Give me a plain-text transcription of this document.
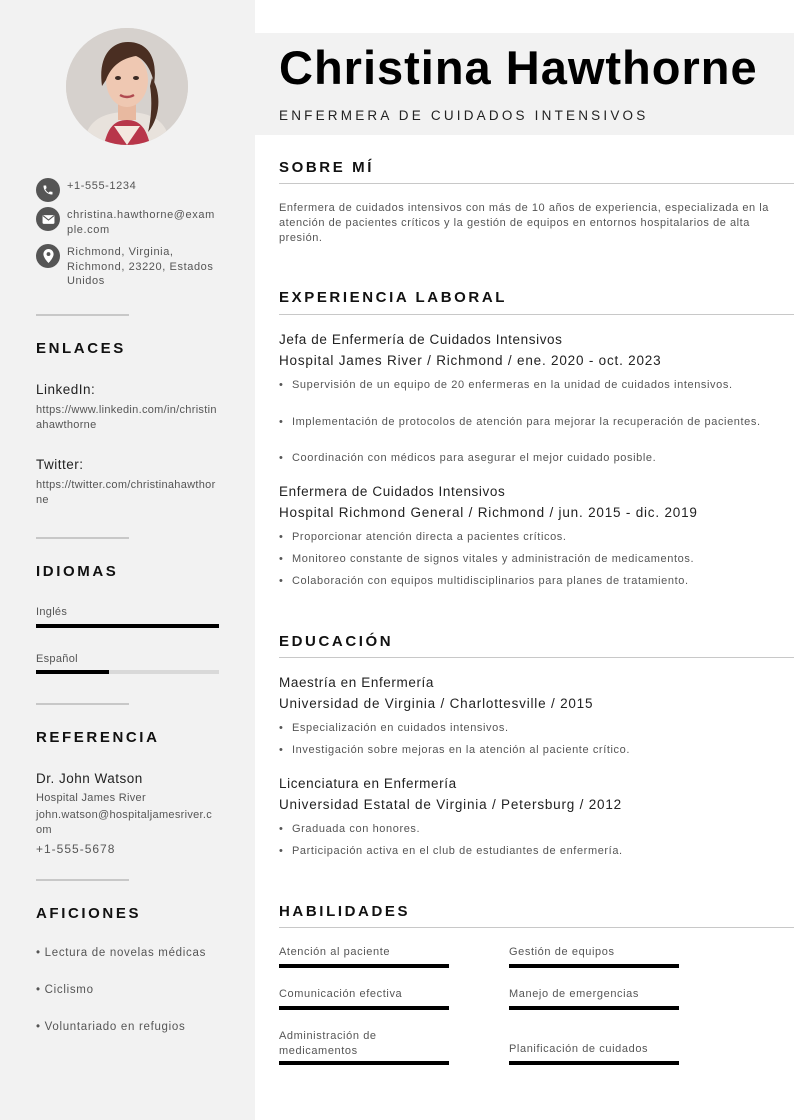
+1-555-1234
christina.hawthorne@example.com
Richmond, Virginia, Richmond, 23220, Estados Unidos
ENLACES
LinkedIn:
https://www.linkedin.com/in/christinahawthorne
Twitter:
https://twitter.com/christinahawthorne
IDIOMAS
Inglés
Español
REFERENCIA
Dr. John Watson
Hospital James River
john.watson@hospitaljamesriver.com
+1-555-5678
AFICIONES
• Lectura de novelas médicas
• Ciclismo
• Voluntariado en refugios
Christina Hawthorne
ENFERMERA DE CUIDADOS INTENSIVOS
SOBRE MÍ
Enfermera de cuidados intensivos con más de 10 años de experiencia, especializada en la atención de pacientes críticos y la gestión de equipos en entornos hospitalarios de alta presión.
EXPERIENCIA LABORAL
Jefa de Enfermería de Cuidados Intensivos
Hospital James River / Richmond / ene. 2020 - oct. 2023
• Supervisión de un equipo de 20 enfermeras en la unidad de cuidados intensivos.
• Implementación de protocolos de atención para mejorar la recuperación de pacientes.
• Coordinación con médicos para asegurar el mejor cuidado posible.
Enfermera de Cuidados Intensivos
Hospital Richmond General / Richmond / jun. 2015 - dic. 2019
• Proporcionar atención directa a pacientes críticos.
• Monitoreo constante de signos vitales y administración de medicamentos.
• Colaboración con equipos multidisciplinarios para planes de tratamiento.
EDUCACIÓN
Maestría en Enfermería
Universidad de Virginia / Charlottesville / 2015
• Especialización en cuidados intensivos.
• Investigación sobre mejoras en la atención al paciente crítico.
Licenciatura en Enfermería
Universidad Estatal de Virginia / Petersburg / 2012
• Graduada con honores.
• Participación activa en el club de estudiantes de enfermería.
HABILIDADES
Atención al paciente	Gestión de equipos
Comunicación efectiva	Manejo de emergencias
Administración de medicamentos	Planificación de cuidados
